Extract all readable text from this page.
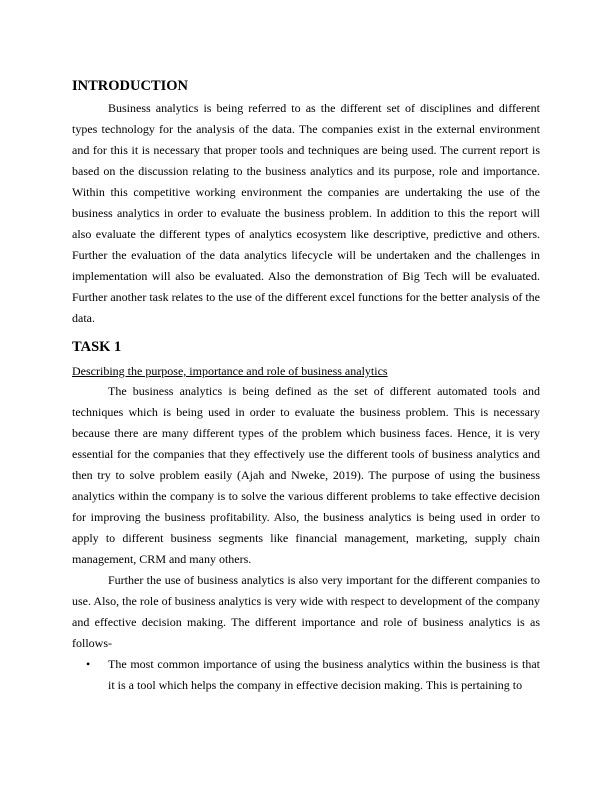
INTRODUCTION

Business analytics is being referred to as the different set of disciplines and different types technology for the analysis of the data. The companies exist in the external environment and for this it is necessary that proper tools and techniques are being used. The current report is based on the discussion relating to the business analytics and its purpose, role and importance. Within this competitive working environment the companies are undertaking the use of the business analytics in order to evaluate the business problem. In addition to this the report will also evaluate the different types of analytics ecosystem like descriptive, predictive and others. Further the evaluation of the data analytics lifecycle will be undertaken and the challenges in implementation will also be evaluated. Also the demonstration of Big Tech will be evaluated. Further another task relates to the use of the different excel functions for the better analysis of the data.

TASK 1
Describing the purpose, importance and role of business analytics

The business analytics is being defined as the set of different automated tools and techniques which is being used in order to evaluate the business problem. This is necessary because there are many different types of the problem which business faces. Hence, it is very essential for the companies that they effectively use the different tools of business analytics and then try to solve problem easily (Ajah and Nweke, 2019). The purpose of using the business analytics within the company is to solve the various different problems to take effective decision for improving the business profitability. Also, the business analytics is being used in order to apply to different business segments like financial management, marketing, supply chain management, CRM and many others.

Further the use of business analytics is also very important for the different companies to use. Also, the role of business analytics is very wide with respect to development of the company and effective decision making. The different importance and role of business analytics is as follows-

• The most common importance of using the business analytics within the business is that it is a tool which helps the company in effective decision making. This is pertaining to
